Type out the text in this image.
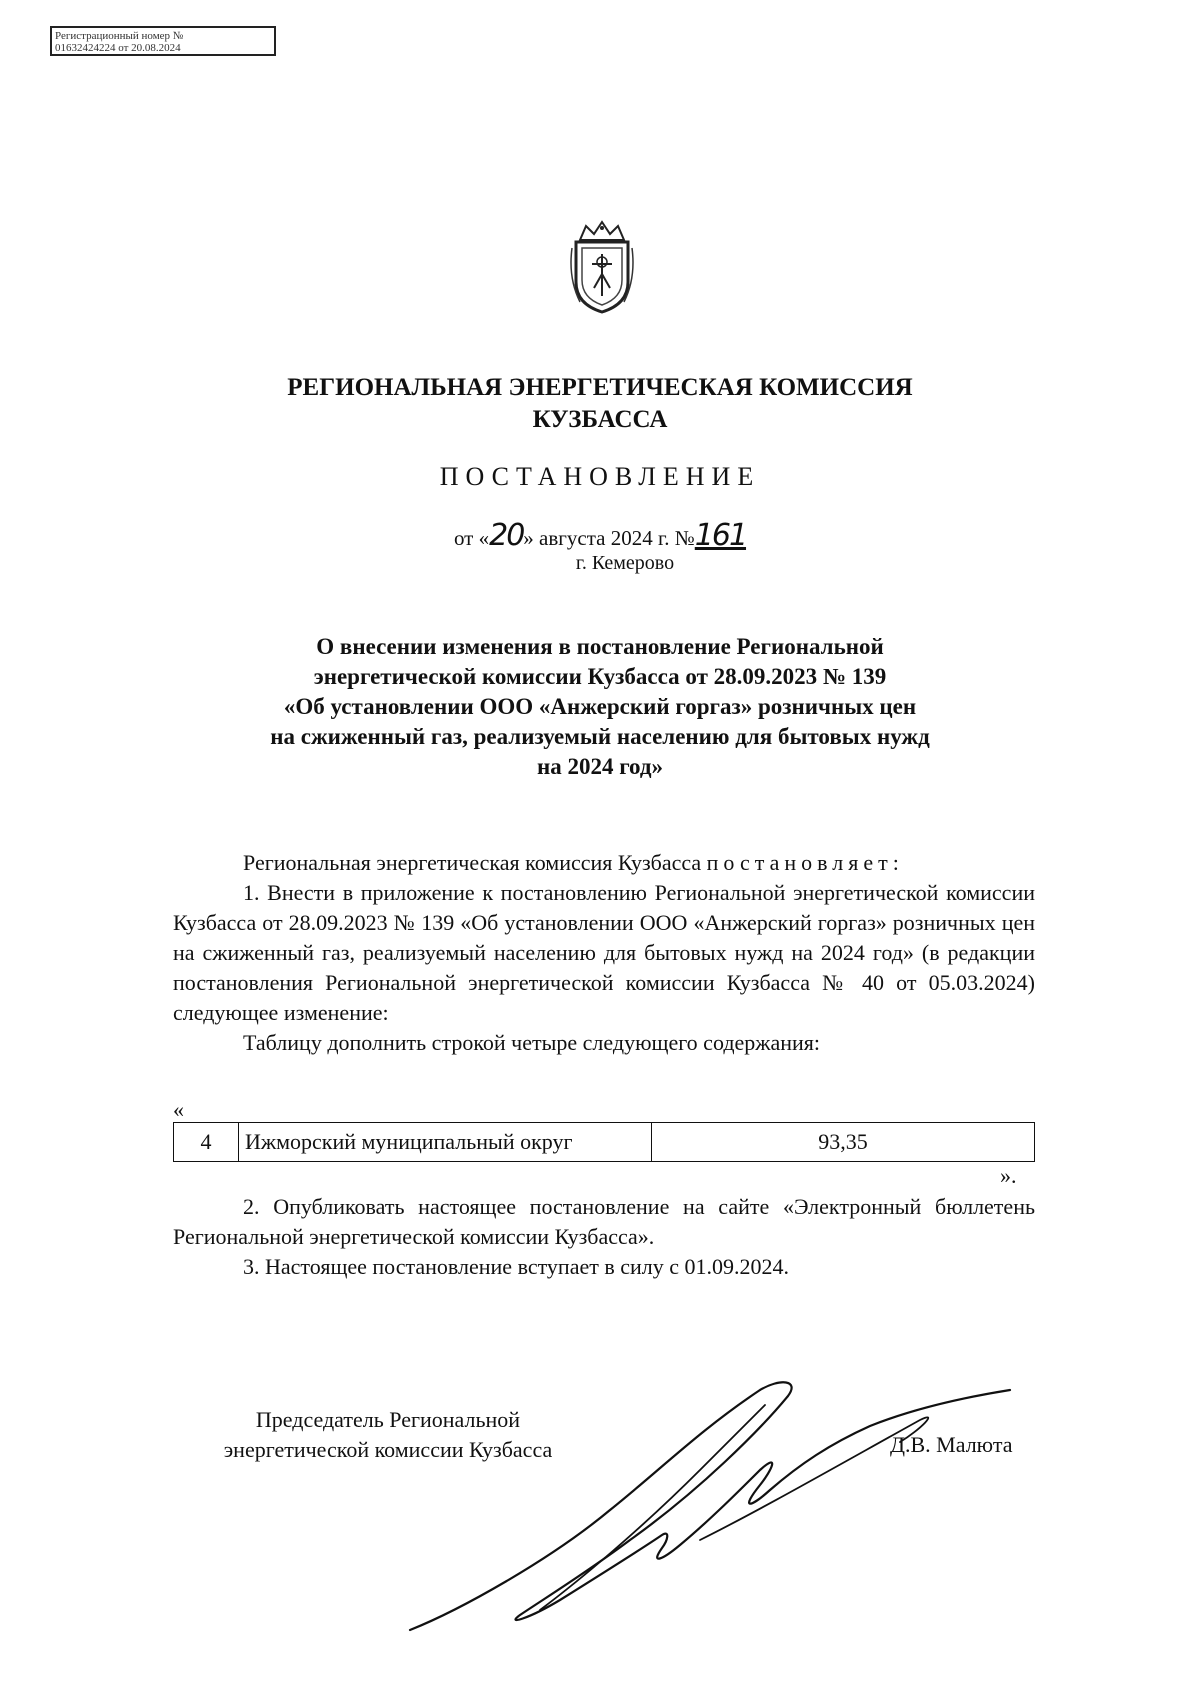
Регистрационный номер №
01632424224 от 20.08.2024
РЕГИОНАЛЬНАЯ ЭНЕРГЕТИЧЕСКАЯ КОМИССИЯ
КУЗБАССА
ПОСТАНОВЛЕНИЕ
от «20» августа 2024 г. №161
г. Кемерово
О внесении изменения в постановление Региональной
энергетической комиссии Кузбасса от 28.09.2023 № 139
«Об установлении ООО «Анжерский горгаз» розничных цен
на сжиженный газ, реализуемый населению для бытовых нужд
на 2024 год»

Региональная энергетическая комиссия Кузбасса постановляет:

1. Внести в приложение к постановлению Региональной энергетической комиссии Кузбасса от 28.09.2023 № 139 «Об установлении ООО «Анжерский горгаз» розничных цен на сжиженный газ, реализуемый населению для бытовых нужд на 2024 год» (в редакции постановления Региональной энергетической комиссии Кузбасса № 40 от 05.03.2024) следующее изменение:

Таблицу дополнить строкой четыре следующего содержания:

«
4	Ижморский муниципальный округ	93,35
».

2. Опубликовать настоящее постановление на сайте «Электронный бюллетень Региональной энергетической комиссии Кузбасса».

3. Настоящее постановление вступает в силу с 01.09.2024.

Председатель Региональной
энергетической комиссии Кузбасса	Д.В. Малюта
